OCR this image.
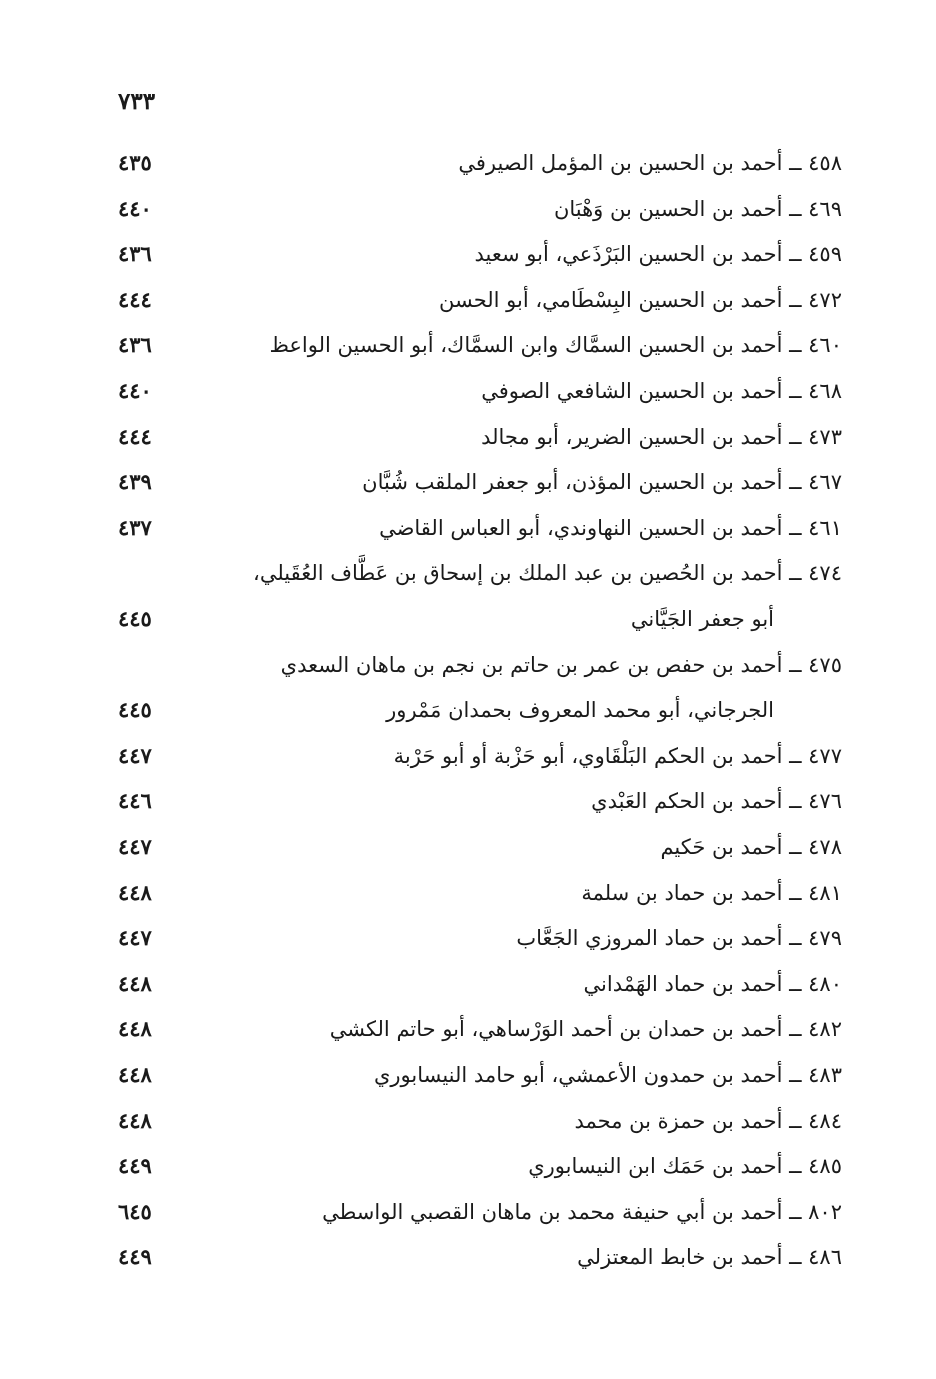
٧٣٣
٤٥٨ ــ أحمد بن الحسين بن المؤمل الصيرفي
٤٣٥
٤٦٩ ــ أحمد بن الحسين بن وَهْبَان
٤٤٠
٤٥٩ ــ أحمد بن الحسين البَرْذَعي، أبو سعيد
٤٣٦
٤٧٢ ــ أحمد بن الحسين البِسْطَامي، أبو الحسن
٤٤٤
٤٦٠ ــ أحمد بن الحسين السمَّاك وابن السمَّاك، أبو الحسين الواعظ
٤٣٦
٤٦٨ ــ أحمد بن الحسين الشافعي الصوفي
٤٤٠
٤٧٣ ــ أحمد بن الحسين الضرير، أبو مجالد
٤٤٤
٤٦٧ ــ أحمد بن الحسين المؤذن، أبو جعفر الملقب شُبَّان
٤٣٩
٤٦١ ــ أحمد بن الحسين النهاوندي، أبو العباس القاضي
٤٣٧
٤٧٤ ــ أحمد بن الحُصين بن عبد الملك بن إسحاق بن عَطَّاف العُقَيلي،
أبو جعفر الجَيَّاني
٤٤٥
٤٧٥ ــ أحمد بن حفص بن عمر بن حاتم بن نجم بن ماهان السعدي
الجرجاني، أبو محمد المعروف بحمدان مَمْرور
٤٤٥
٤٧٧ ــ أحمد بن الحكم البَلْقَاوي، أبو حَزْبة أو أبو حَرْبة
٤٤٧
٤٧٦ ــ أحمد بن الحكم العَبْدي
٤٤٦
٤٧٨ ــ أحمد بن حَكيم
٤٤٧
٤٨١ ــ أحمد بن حماد بن سلمة
٤٤٨
٤٧٩ ــ أحمد بن حماد المروزي الجَعَّاب
٤٤٧
٤٨٠ ــ أحمد بن حماد الهَمْداني
٤٤٨
٤٨٢ ــ أحمد بن حمدان بن أحمد الوَرْساهي، أبو حاتم الكشي
٤٤٨
٤٨٣ ــ أحمد بن حمدون الأعمشي، أبو حامد النيسابوري
٤٤٨
٤٨٤ ــ أحمد بن حمزة بن محمد
٤٤٨
٤٨٥ ــ أحمد بن حَمَك ابن النيسابوري
٤٤٩
٨٠٢ ــ أحمد بن أبي حنيفة محمد بن ماهان القصبي الواسطي
٦٤٥
٤٨٦ ــ أحمد بن خابط المعتزلي
٤٤٩
